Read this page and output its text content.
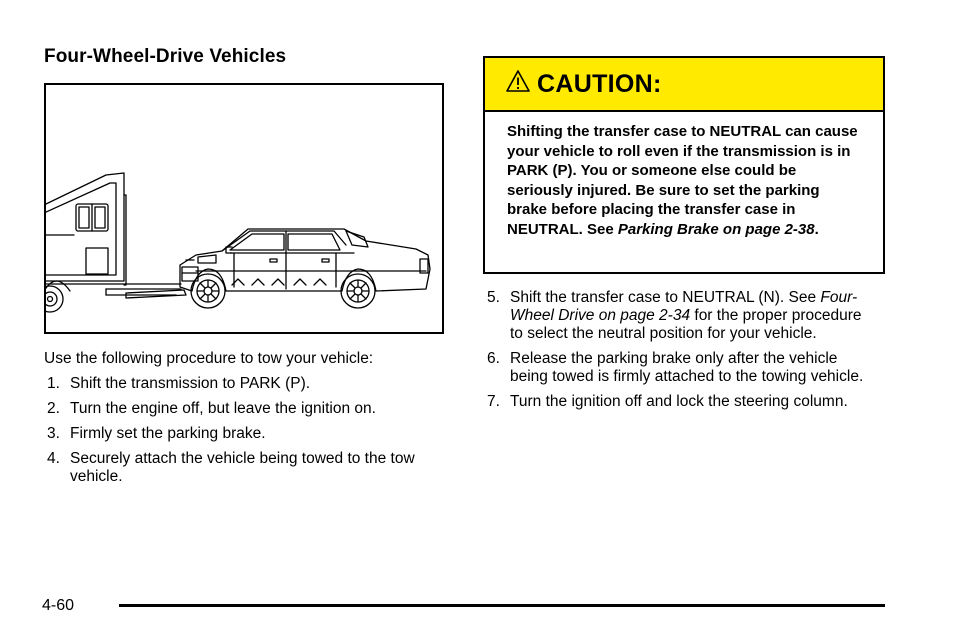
Four-Wheel-Drive Vehicles

Use the following procedure to tow your vehicle:

1. Shift the transmission to PARK (P).
2. Turn the engine off, but leave the ignition on.
3. Firmly set the parking brake.
4. Securely attach the vehicle being towed to the tow vehicle.
CAUTION:
Shifting the transfer case to NEUTRAL can cause your vehicle to roll even if the transmission is in PARK (P). You or someone else could be seriously injured. Be sure to set the parking brake before placing the transfer case in NEUTRAL. See Parking Brake on page 2-38.
5. Shift the transfer case to NEUTRAL (N). See Four-Wheel Drive on page 2-34 for the proper procedure to select the neutral position for your vehicle.
6. Release the parking brake only after the vehicle being towed is firmly attached to the towing vehicle.
7. Turn the ignition off and lock the steering column.
4-60
